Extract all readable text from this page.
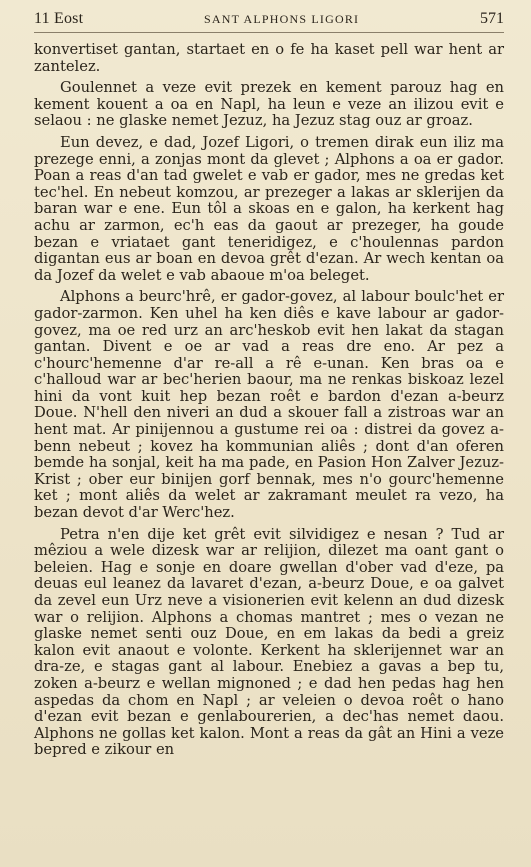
11 Eost	SANT ALPHONS LIGORI	571

konvertiset gantan, startaet en o fe ha kaset pell war hent ar zantelez.

Goulennet a veze evit prezek en kement parouz hag en kement kouent a oa en Napl, ha leun e veze an ilizou evit e selaou : ne glaske nemet Jezuz, ha Jezuz stag ouz ar groaz.

Eun devez, e dad, Jozef Ligori, o tremen dirak eun iliz ma prezege enni, a zonjas mont da glevet ; Alphons a oa er gador. Poan a reas d'an tad gwelet e vab er gador, mes ne gredas ket tec'hel. En nebeut komzou, ar prezeger a lakas ar sklerijen da baran war e ene. Eun tôl a skoas en e galon, ha kerkent hag achu ar zarmon, ec'h eas da gaout ar prezeger, ha goude bezan e vriataet gant teneridigez, e c'houlennas pardon digantan eus ar boan en devoa grêt d'ezan. Ar wech kentan oa da Jozef da welet e vab abaoue m'oa beleget.

Alphons a beurc'hrê, er gador-govez, al labour boulc'het er gador-zarmon. Ken uhel ha ken diês e kave labour ar gador-govez, ma oe red urz an arc'heskob evit hen lakat da stagan gantan. Divent e oe ar vad a reas dre eno. Ar pez a c'hourc'hemenne d'ar re-all a rê e-unan. Ken bras oa e c'halloud war ar bec'herien baour, ma ne renkas biskoaz lezel hini da vont kuit hep bezan roêt e bardon d'ezan a-beurz Doue. N'hell den niveri an dud a skouer fall a zistroas war an hent mat. Ar pinijennou a gustume rei oa : distrei da govez a-benn nebeut ; kovez ha kommunian aliês ; dont d'an oferen bemde ha sonjal, keit ha ma pade, en Pasion Hon Zalver Jezuz-Krist ; ober eur binijen gorf bennak, mes n'o gourc'hemenne ket ; mont aliês da welet ar zakramant meulet ra vezo, ha bezan devot d'ar Werc'hez.

Petra n'en dije ket grêt evit silvidigez e nesan ? Tud ar mêziou a wele dizesk war ar relijion, dilezet ma oant gant o beleien. Hag e sonje en doare gwellan d'ober vad d'eze, pa deuas eul leanez da lavaret d'ezan, a-beurz Doue, e oa galvet da zevel eun Urz neve a visionerien evit kelenn an dud dizesk war o relijion. Alphons a chomas mantret ; mes o vezan ne glaske nemet senti ouz Doue, en em lakas da bedi a greiz kalon evit anaout e volonte. Kerkent ha sklerijennet war an dra-ze, e stagas gant al labour. Enebiez a gavas a bep tu, zoken a-beurz e wellan mignoned ; e dad hen pedas hag hen aspedas da chom en Napl ; ar veleien o devoa roêt o hano d'ezan evit bezan e genlabourerien, a dec'has nemet daou. Alphons ne gollas ket kalon. Mont a reas da gât an Hini a veze bepred e zikour en
